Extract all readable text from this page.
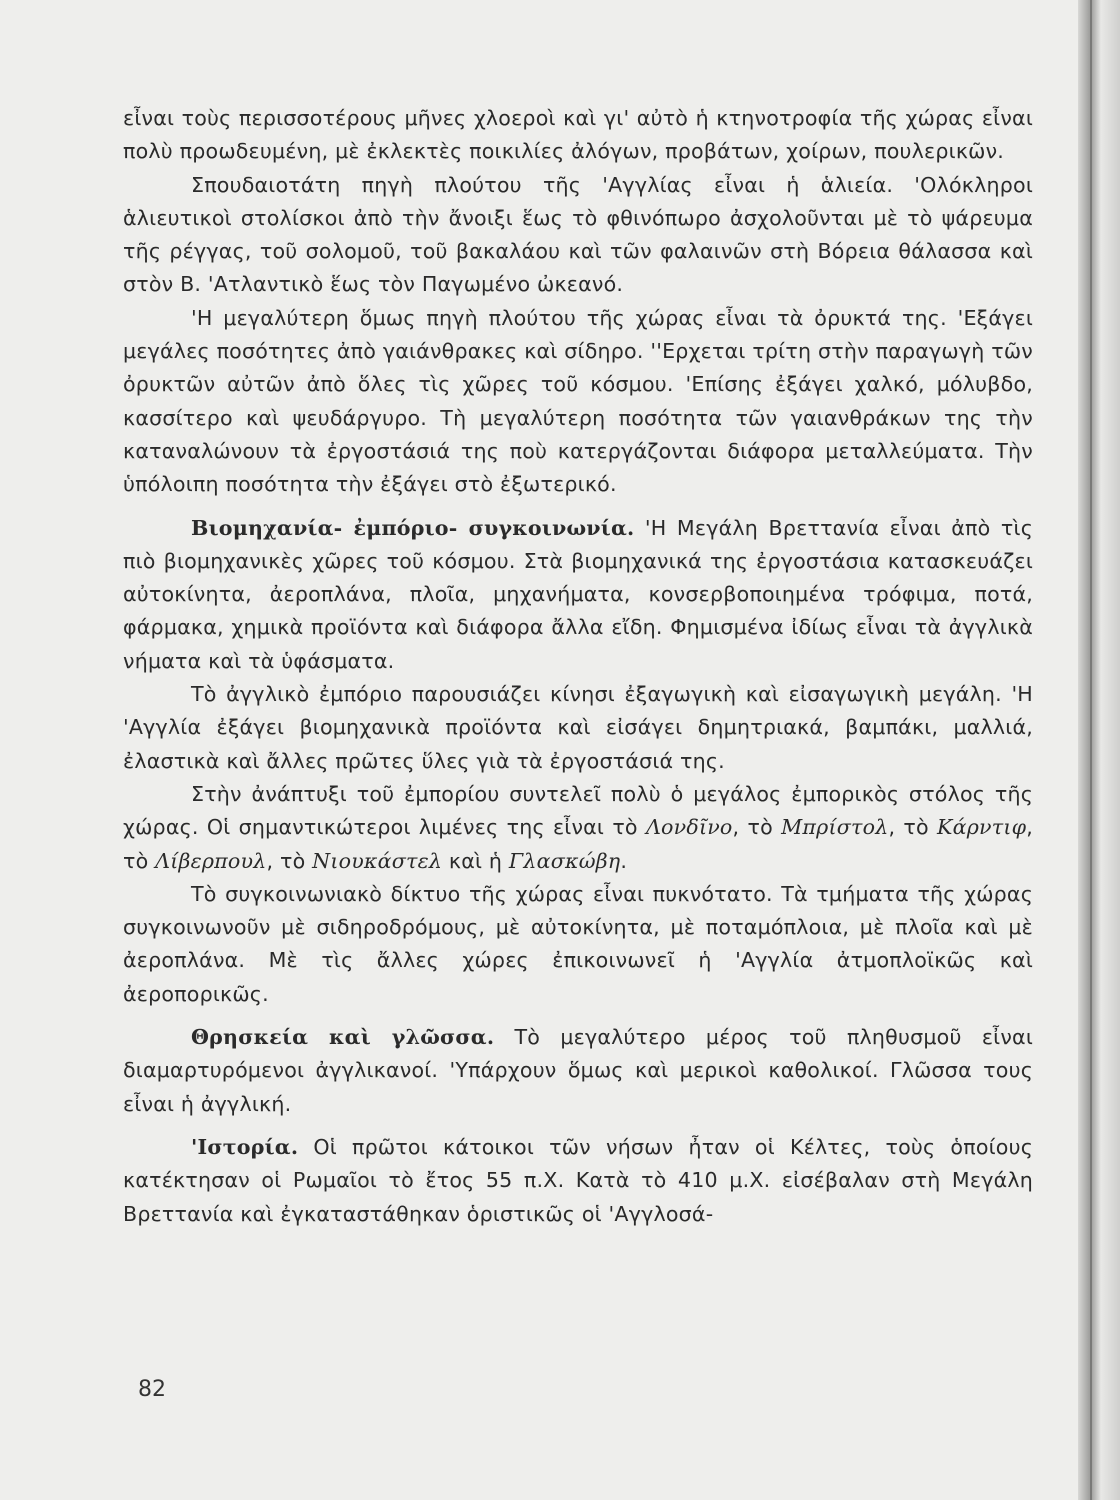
εἶναι τοὺς περισσοτέρους μῆνες χλοεροὶ καὶ γι' αὐτὸ ἡ κτηνοτροφία τῆς χώρας εἶναι πολὺ προωδευμένη, μὲ ἐκλεκτὲς ποικιλίες ἀλόγων, προβάτων, χοίρων, πουλερικῶν.

Σπουδαιοτάτη πηγὴ πλούτου τῆς 'Αγγλίας εἶναι ἡ ἁλιεία. 'Ολόκληροι ἁλιευτικοὶ στολίσκοι ἀπὸ τὴν ἄνοιξι ἕως τὸ φθινόπωρο ἀσχολοῦνται μὲ τὸ ψάρευμα τῆς ρέγγας, τοῦ σολομοῦ, τοῦ βακαλάου καὶ τῶν φαλαινῶν στὴ Βόρεια θάλασσα καὶ στὸν Β. 'Ατλαντικὸ ἕως τὸν Παγωμένο ὠκεανό.

'Η μεγαλύτερη ὅμως πηγὴ πλούτου τῆς χώρας εἶναι τὰ ὀρυκτά της. 'Εξάγει μεγάλες ποσότητες ἀπὸ γαιάνθρακες καὶ σίδηρο. ''Ερχεται τρίτη στὴν παραγωγὴ τῶν ὀρυκτῶν αὐτῶν ἀπὸ ὅλες τὶς χῶρες τοῦ κόσμου. 'Επίσης ἐξάγει χαλκό, μόλυβδο, κασσίτερο καὶ ψευδάργυρο. Τὴ μεγαλύτερη ποσότητα τῶν γαιανθράκων της τὴν καταναλώνουν τὰ ἐργοστάσιά της ποὺ κατεργάζονται διάφορα μεταλλεύματα. Τὴν ὑπόλοιπη ποσότητα τὴν ἐξάγει στὸ ἐξωτερικό.

Βιομηχανία- ἐμπόριο- συγκοινωνία. 'Η Μεγάλη Βρεττανία εἶναι ἀπὸ τὶς πιὸ βιομηχανικὲς χῶρες τοῦ κόσμου. Στὰ βιομηχανικά της ἐργοστάσια κατασκευάζει αὐτοκίνητα, ἀεροπλάνα, πλοῖα, μηχανήματα, κονσερβοποιημένα τρόφιμα, ποτά, φάρμακα, χημικὰ προϊόντα καὶ διάφορα ἄλλα εἴδη. Φημισμένα ἰδίως εἶναι τὰ ἀγγλικὰ νήματα καὶ τὰ ὑφάσματα.

Τὸ ἀγγλικὸ ἐμπόριο παρουσιάζει κίνησι ἐξαγωγικὴ καὶ εἰσαγωγικὴ μεγάλη. 'Η 'Αγγλία ἐξάγει βιομηχανικὰ προϊόντα καὶ εἰσάγει δημητριακά, βαμπάκι, μαλλιά, ἐλαστικὰ καὶ ἄλλες πρῶτες ὕλες γιὰ τὰ ἐργοστάσιά της.

Στὴν ἀνάπτυξι τοῦ ἐμπορίου συντελεῖ πολὺ ὁ μεγάλος ἐμπορικὸς στόλος τῆς χώρας. Οἱ σημαντικώτεροι λιμένες της εἶναι τὸ Λονδῖνο, τὸ Μπρίστολ, τὸ Κάρντιφ, τὸ Λίβερπουλ, τὸ Νιουκάστελ καὶ ἡ Γλασκώβη.

Τὸ συγκοινωνιακὸ δίκτυο τῆς χώρας εἶναι πυκνότατο. Τὰ τμήματα τῆς χώρας συγκοινωνοῦν μὲ σιδηροδρόμους, μὲ αὐτοκίνητα, μὲ ποταμόπλοια, μὲ πλοῖα καὶ μὲ ἀεροπλάνα. Μὲ τὶς ἄλλες χώρες ἐπικοινωνεῖ ἡ 'Αγγλία ἀτμοπλοϊκῶς καὶ ἀεροπορικῶς.

Θρησκεία καὶ γλῶσσα. Τὸ μεγαλύτερο μέρος τοῦ πληθυσμοῦ εἶναι διαμαρτυρόμενοι ἀγγλικανοί. 'Υπάρχουν ὅμως καὶ μερικοὶ καθολικοί. Γλῶσσα τους εἶναι ἡ ἀγγλική.

'Ιστορία. Οἱ πρῶτοι κάτοικοι τῶν νήσων ἦταν οἱ Κέλτες, τοὺς ὁποίους κατέκτησαν οἱ Ρωμαῖοι τὸ ἔτος 55 π.Χ. Κατὰ τὸ 410 μ.Χ. εἰσέβαλαν στὴ Μεγάλη Βρεττανία καὶ ἐγκαταστάθηκαν ὁριστικῶς οἱ 'Αγγλοσά-

82
